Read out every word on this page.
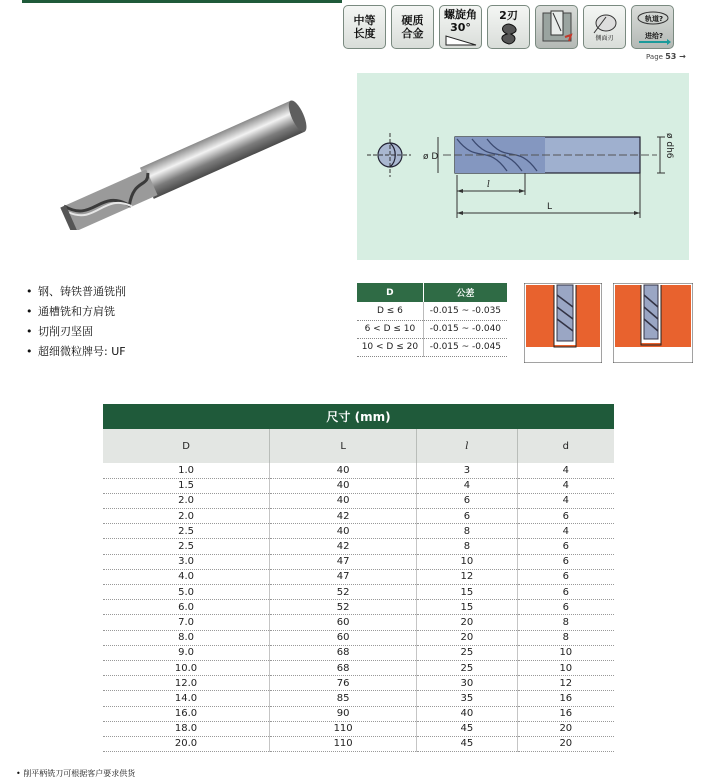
中等
长度
硬质
合金
螺旋角
30°
2刃
侧面刃
轨道?
进给?
Page 53 →
ø D	ø dh6
l
L
• 钢、铸铁普通铣削
• 通槽铣和方肩铣
• 切削刃坚固
• 超细微粒牌号: UF
D	公差
D ≤ 6	-0.015 ~ -0.035
6 < D ≤ 10	-0.015 ~ -0.040
10 < D ≤ 20	-0.015 ~ -0.045
尺寸 (mm)			
D	L	l	d
1.0	40	3	4
1.5	40	4	4
2.0	40	6	4
2.0	42	6	6
2.5	40	8	4
2.5	42	8	6
3.0	47	10	6
4.0	47	12	6
5.0	52	15	6
6.0	52	15	6
7.0	60	20	8
8.0	60	20	8
9.0	68	25	10
10.0	68	25	10
12.0	76	30	12
14.0	85	35	16
16.0	90	40	16
18.0	110	45	20
20.0	110	45	20
• 削平柄铣刀可根据客户要求供货
